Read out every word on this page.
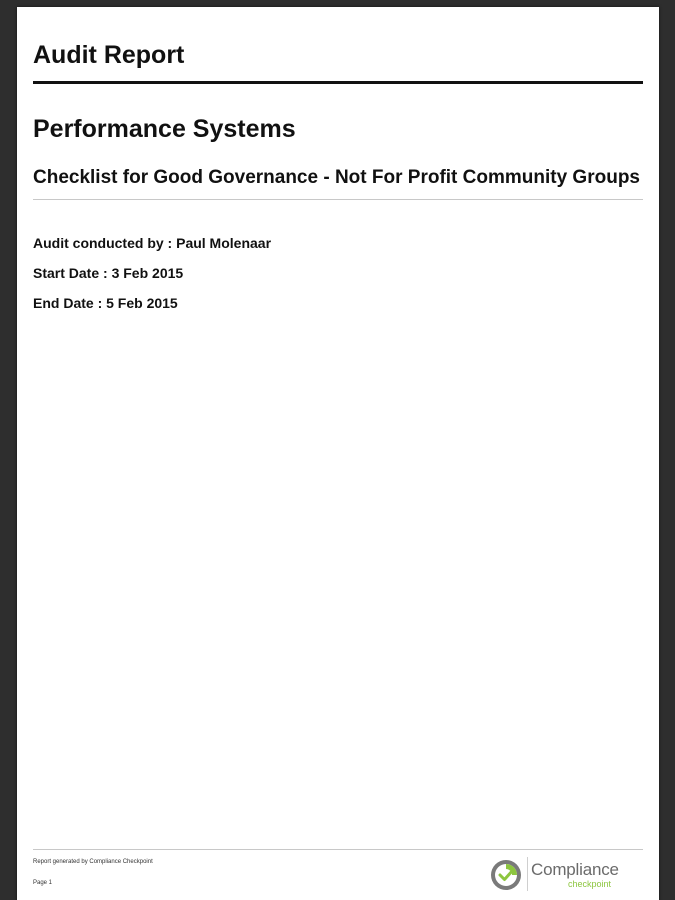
Audit Report
Performance Systems
Checklist for Good Governance - Not For Profit Community Groups
Audit conducted by : Paul Molenaar
Start Date : 3 Feb 2015
End Date : 5 Feb 2015
Report generated by Compliance Checkpoint
Page 1
Compliance
checkpoint
